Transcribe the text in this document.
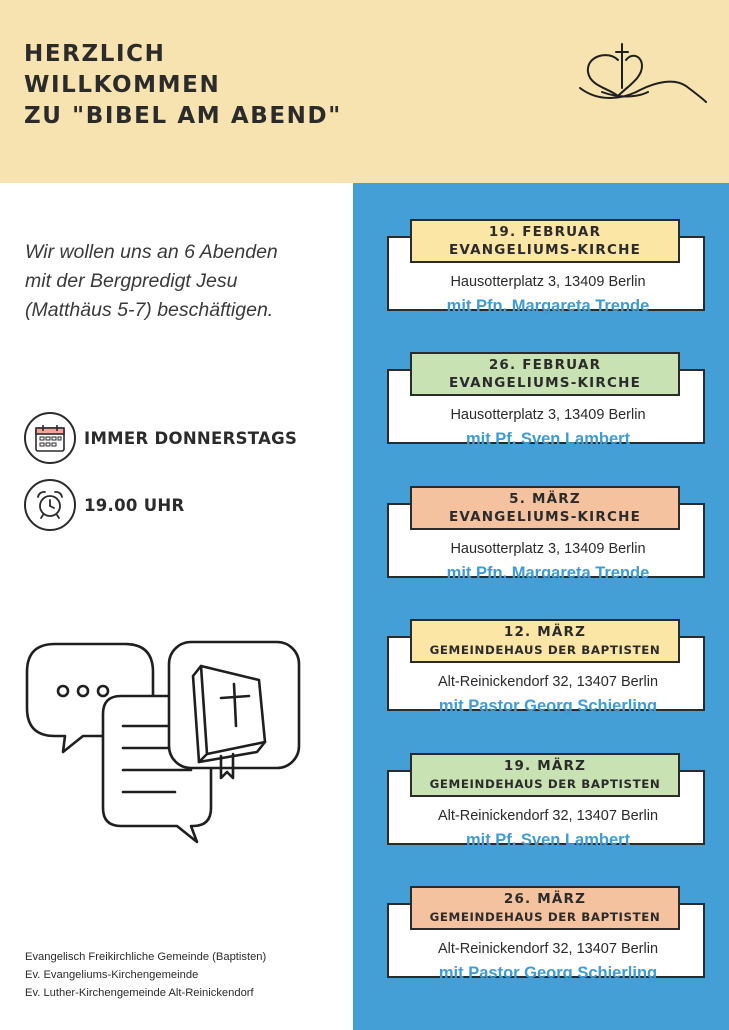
HERZLICH
WILLKOMMEN
ZU "BIBEL AM ABEND"
Wir wollen uns an 6 Abenden
mit der Bergpredigt Jesu
(Matthäus 5-7) beschäftigen.
IMMER DONNERSTAGS
19.00 UHR
Hausotterplatz 3, 13409 Berlin
mit Pfn. Margareta Trende
19. FEBRUAR
EVANGELIUMS-KIRCHE
Hausotterplatz 3, 13409 Berlin
mit Pf. Sven Lambert
26. FEBRUAR
EVANGELIUMS-KIRCHE
Hausotterplatz 3, 13409 Berlin
mit Pfn. Margareta Trende
5. MÄRZ
EVANGELIUMS-KIRCHE
Alt-Reinickendorf 32, 13407 Berlin
mit Pastor Georg Schierling
12. MÄRZ
GEMEINDEHAUS DER BAPTISTEN
Alt-Reinickendorf 32, 13407 Berlin
mit Pf. Sven Lambert
19. MÄRZ
GEMEINDEHAUS DER BAPTISTEN
Alt-Reinickendorf 32, 13407 Berlin
mit Pastor Georg Schierling
26. MÄRZ
GEMEINDEHAUS DER BAPTISTEN
Evangelisch Freikirchliche Gemeinde (Baptisten)
Ev. Evangeliums-Kirchengemeinde
Ev. Luther-Kirchengemeinde Alt-Reinickendorf
